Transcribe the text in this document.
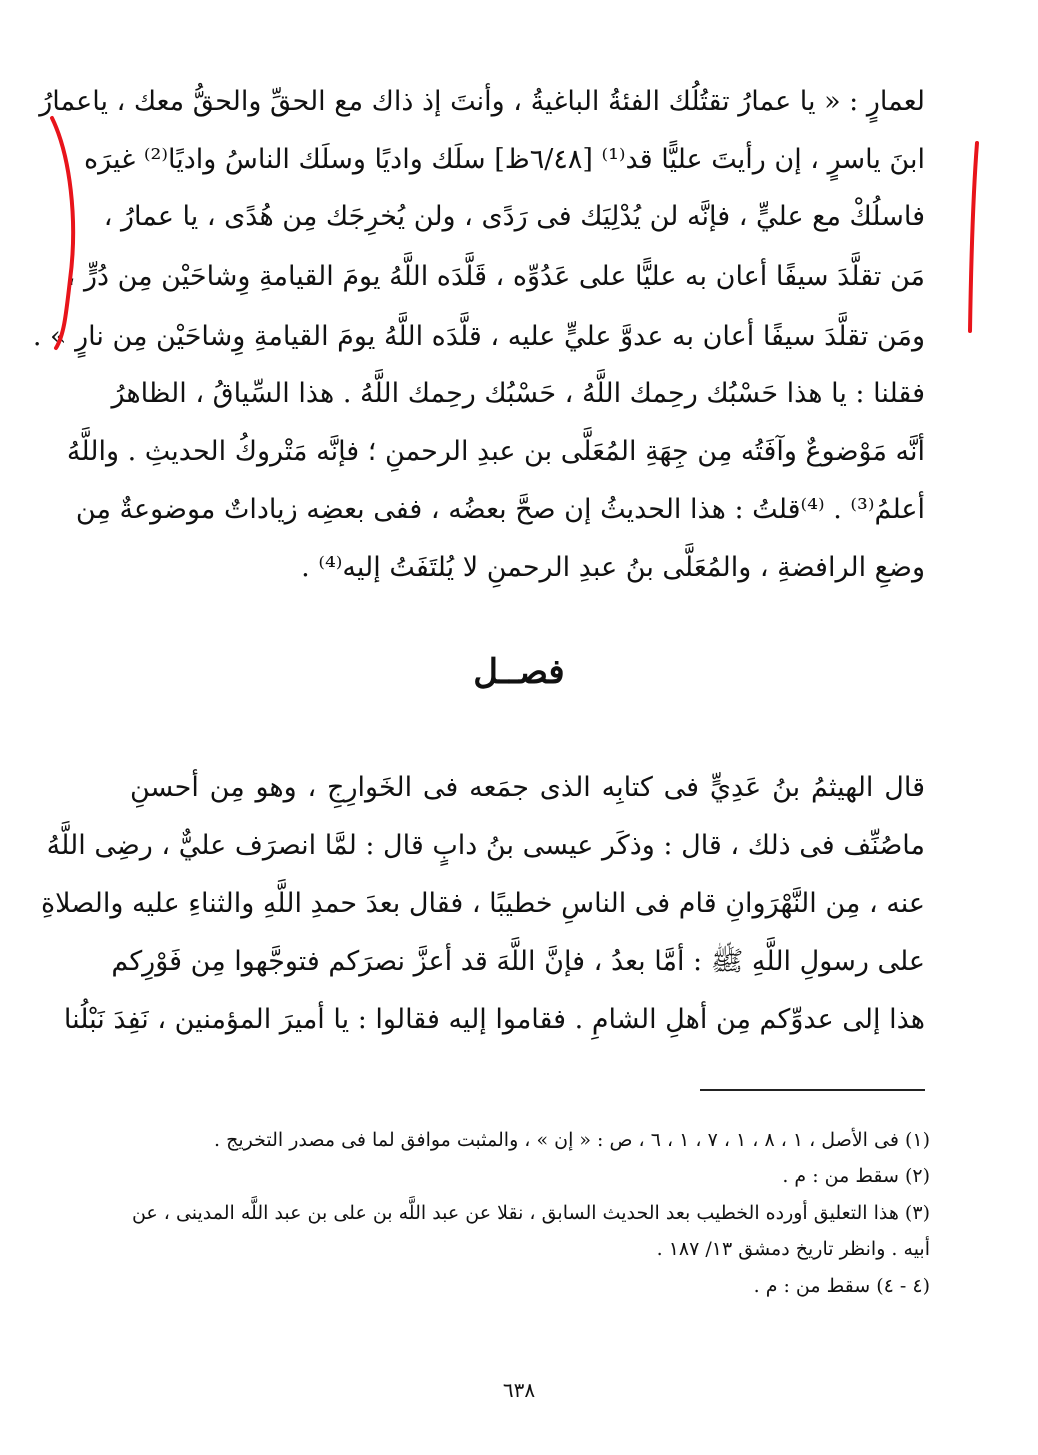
لعمارٍ : « يا عمارُ تقتُلُك الفئةُ الباغيةُ ، وأنتَ إذ ذاك مع الحقِّ والحقُّ معك ، ياعمارُ
ابنَ ياسرٍ ، إن رأيتَ عليًّا قد⁽¹⁾ [٦/٤٨ظ] سلَك واديًا وسلَك الناسُ واديًا⁽²⁾ غيرَه
فاسلُكْ مع عليٍّ ، فإنَّه لن يُدْلِيَك فى رَدًى ، ولن يُخرِجَك مِن هُدًى ، يا عمارُ ،
مَن تقلَّدَ سيفًا أعان به عليًّا على عَدُوِّه ، قَلَّدَه اللَّهُ يومَ القيامةِ وِشاحَيْن مِن دُرٍّ ،
ومَن تقلَّدَ سيفًا أعان به عدوَّ عليٍّ عليه ، قلَّدَه اللَّهُ يومَ القيامةِ وِشاحَيْن مِن نارٍ » .
فقلنا : يا هذا حَسْبُك رحِمك اللَّهُ ، حَسْبُك رحِمك اللَّهُ . هذا السِّياقُ ، الظاهرُ
أنَّه مَوْضوعٌ وآفَتُه مِن جِهَةِ المُعَلَّى بن عبدِ الرحمنِ ؛ فإنَّه مَتْروكُ الحديثِ . واللَّهُ
أعلمُ⁽³⁾ . ⁽⁴⁾قلتُ : هذا الحديثُ إن صحَّ بعضُه ، ففى بعضِه زياداتٌ موضوعةٌ مِن
وضعِ الرافضةِ ، والمُعَلَّى بنُ عبدِ الرحمنِ لا يُلتَفَتُ إليه⁽⁴⁾ .
فصــل
قال الهيثمُ بنُ عَدِيٍّ فى كتابِه الذى جمَعه فى الخَوارِجِ ، وهو مِن أحسنِ
ماصُنِّف فى ذلك ، قال : وذكَر عيسى بنُ دابٍ قال : لمَّا انصرَف عليٌّ ، رضِى اللَّهُ
عنه ، مِن النَّهْرَوانِ قام فى الناسِ خطيبًا ، فقال بعدَ حمدِ اللَّهِ والثناءِ عليه والصلاةِ
على رسولِ اللَّهِ ﷺ : أمَّا بعدُ ، فإنَّ اللَّهَ قد أعزَّ نصرَكم فتوجَّهوا مِن فَوْرِكم
هذا إلى عدوِّكم مِن أهلِ الشامِ . فقاموا إليه فقالوا : يا أميرَ المؤمنين ، نَفِدَ نَبْلُنا
(١) فى الأصل ، ١ ، ٨ ، ١ ، ٧ ، ١ ، ٦ ، ص : « إن » ، والمثبت موافق لما فى مصدر التخريج .
(٢) سقط من : م .
(٣) هذا التعليق أورده الخطيب بعد الحديث السابق ، نقلا عن عبد اللَّه بن على بن عبد اللَّه المدينى ، عن
أبيه . وانظر تاريخ دمشق ١٣/ ١٨٧ .
(٤ - ٤) سقط من : م .
٦٣٨
